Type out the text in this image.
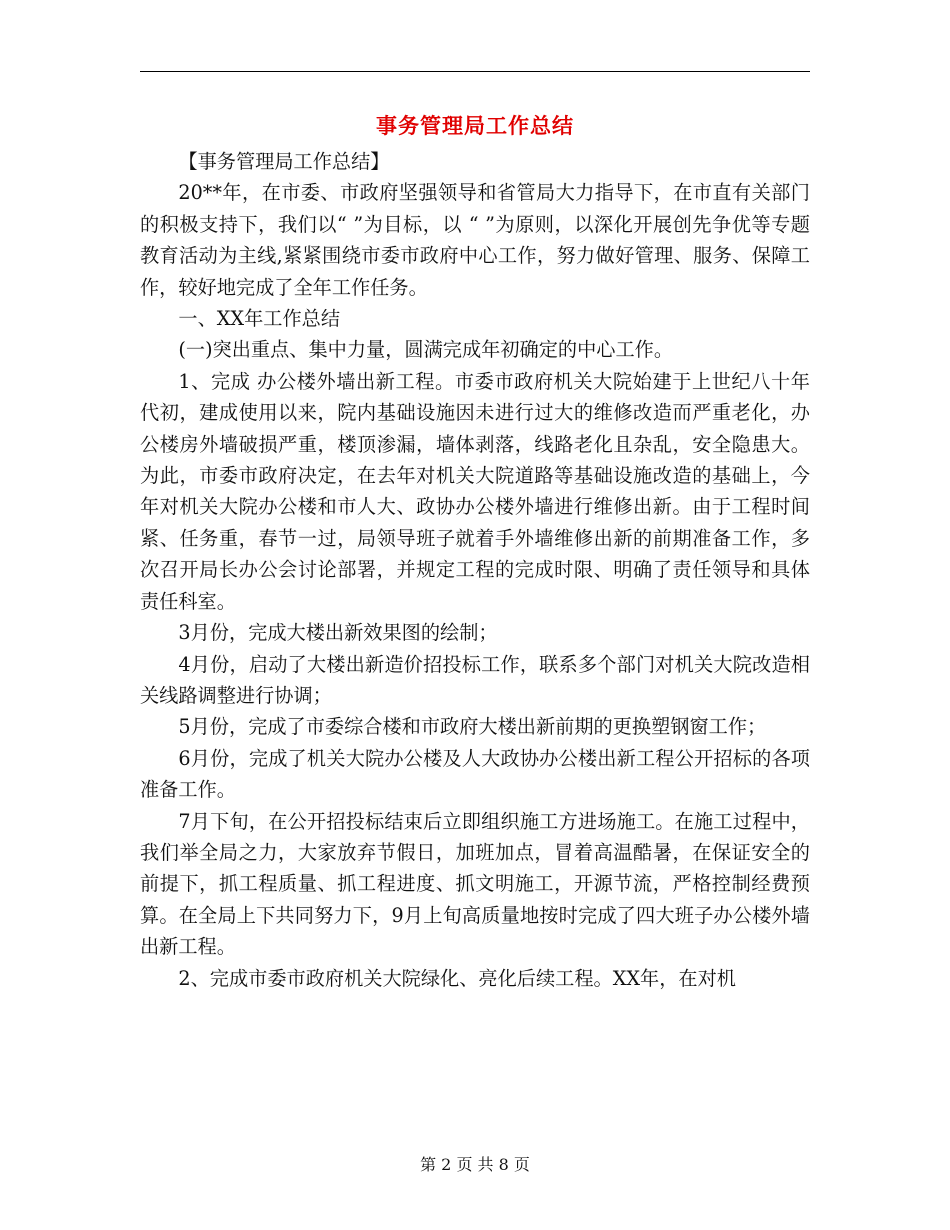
事务管理局工作总结

【事务管理局工作总结】

20**年，在市委、市政府坚强领导和省管局大力指导下，在市直有关部门的积极支持下，我们以“ ”为目标，以 “ ”为原则，以深化开展创先争优等专题教育活动为主线,紧紧围绕市委市政府中心工作，努力做好管理、服务、保障工作，较好地完成了全年工作任务。

一、XX年工作总结

(一)突出重点、集中力量，圆满完成年初确定的中心工作。

1、完成 办公楼外墙出新工程。市委市政府机关大院始建于上世纪八十年代初，建成使用以来，院内基础设施因未进行过大的维修改造而严重老化，办公楼房外墙破损严重，楼顶渗漏，墙体剥落，线路老化且杂乱，安全隐患大。为此，市委市政府决定，在去年对机关大院道路等基础设施改造的基础上，今年对机关大院办公楼和市人大、政协办公楼外墙进行维修出新。由于工程时间紧、任务重，春节一过，局领导班子就着手外墙维修出新的前期准备工作，多次召开局长办公会讨论部署，并规定工程的完成时限、明确了责任领导和具体责任科室。

3月份，完成大楼出新效果图的绘制；

4月份，启动了大楼出新造价招投标工作，联系多个部门对机关大院改造相关线路调整进行协调；

5月份，完成了市委综合楼和市政府大楼出新前期的更换塑钢窗工作；

6月份，完成了机关大院办公楼及人大政协办公楼出新工程公开招标的各项准备工作。

7月下旬，在公开招投标结束后立即组织施工方进场施工。在施工过程中，我们举全局之力，大家放弃节假日，加班加点，冒着高温酷暑，在保证安全的前提下，抓工程质量、抓工程进度、抓文明施工，开源节流，严格控制经费预算。在全局上下共同努力下，9月上旬高质量地按时完成了四大班子办公楼外墙出新工程。

2、完成市委市政府机关大院绿化、亮化后续工程。XX年，在对机

第 2 页 共 8 页
